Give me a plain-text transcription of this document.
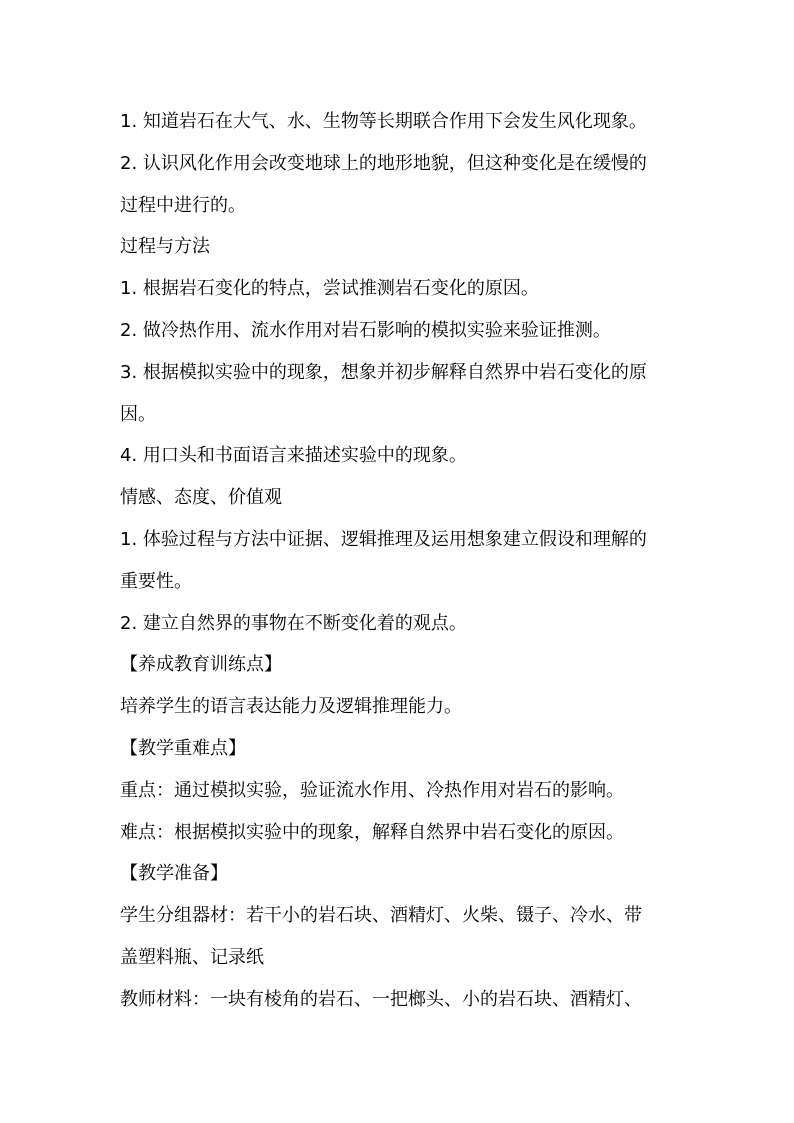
1. 知道岩石在大气、水、生物等长期联合作用下会发生风化现象。
2. 认识风化作用会改变地球上的地形地貌，但这种变化是在缓慢的
过程中进行的。
过程与方法
1. 根据岩石变化的特点，尝试推测岩石变化的原因。
2. 做冷热作用、流水作用对岩石影响的模拟实验来验证推测。
3. 根据模拟实验中的现象，想象并初步解释自然界中岩石变化的原
因。
4. 用口头和书面语言来描述实验中的现象。
情感、态度、价值观
1. 体验过程与方法中证据、逻辑推理及运用想象建立假设和理解的
重要性。
2. 建立自然界的事物在不断变化着的观点。
【养成教育训练点】
培养学生的语言表达能力及逻辑推理能力。
【教学重难点】
重点：通过模拟实验，验证流水作用、冷热作用对岩石的影响。
难点：根据模拟实验中的现象，解释自然界中岩石变化的原因。
【教学准备】
学生分组器材：若干小的岩石块、酒精灯、火柴、镊子、冷水、带
盖塑料瓶、记录纸
教师材料：一块有棱角的岩石、一把榔头、小的岩石块、酒精灯、
